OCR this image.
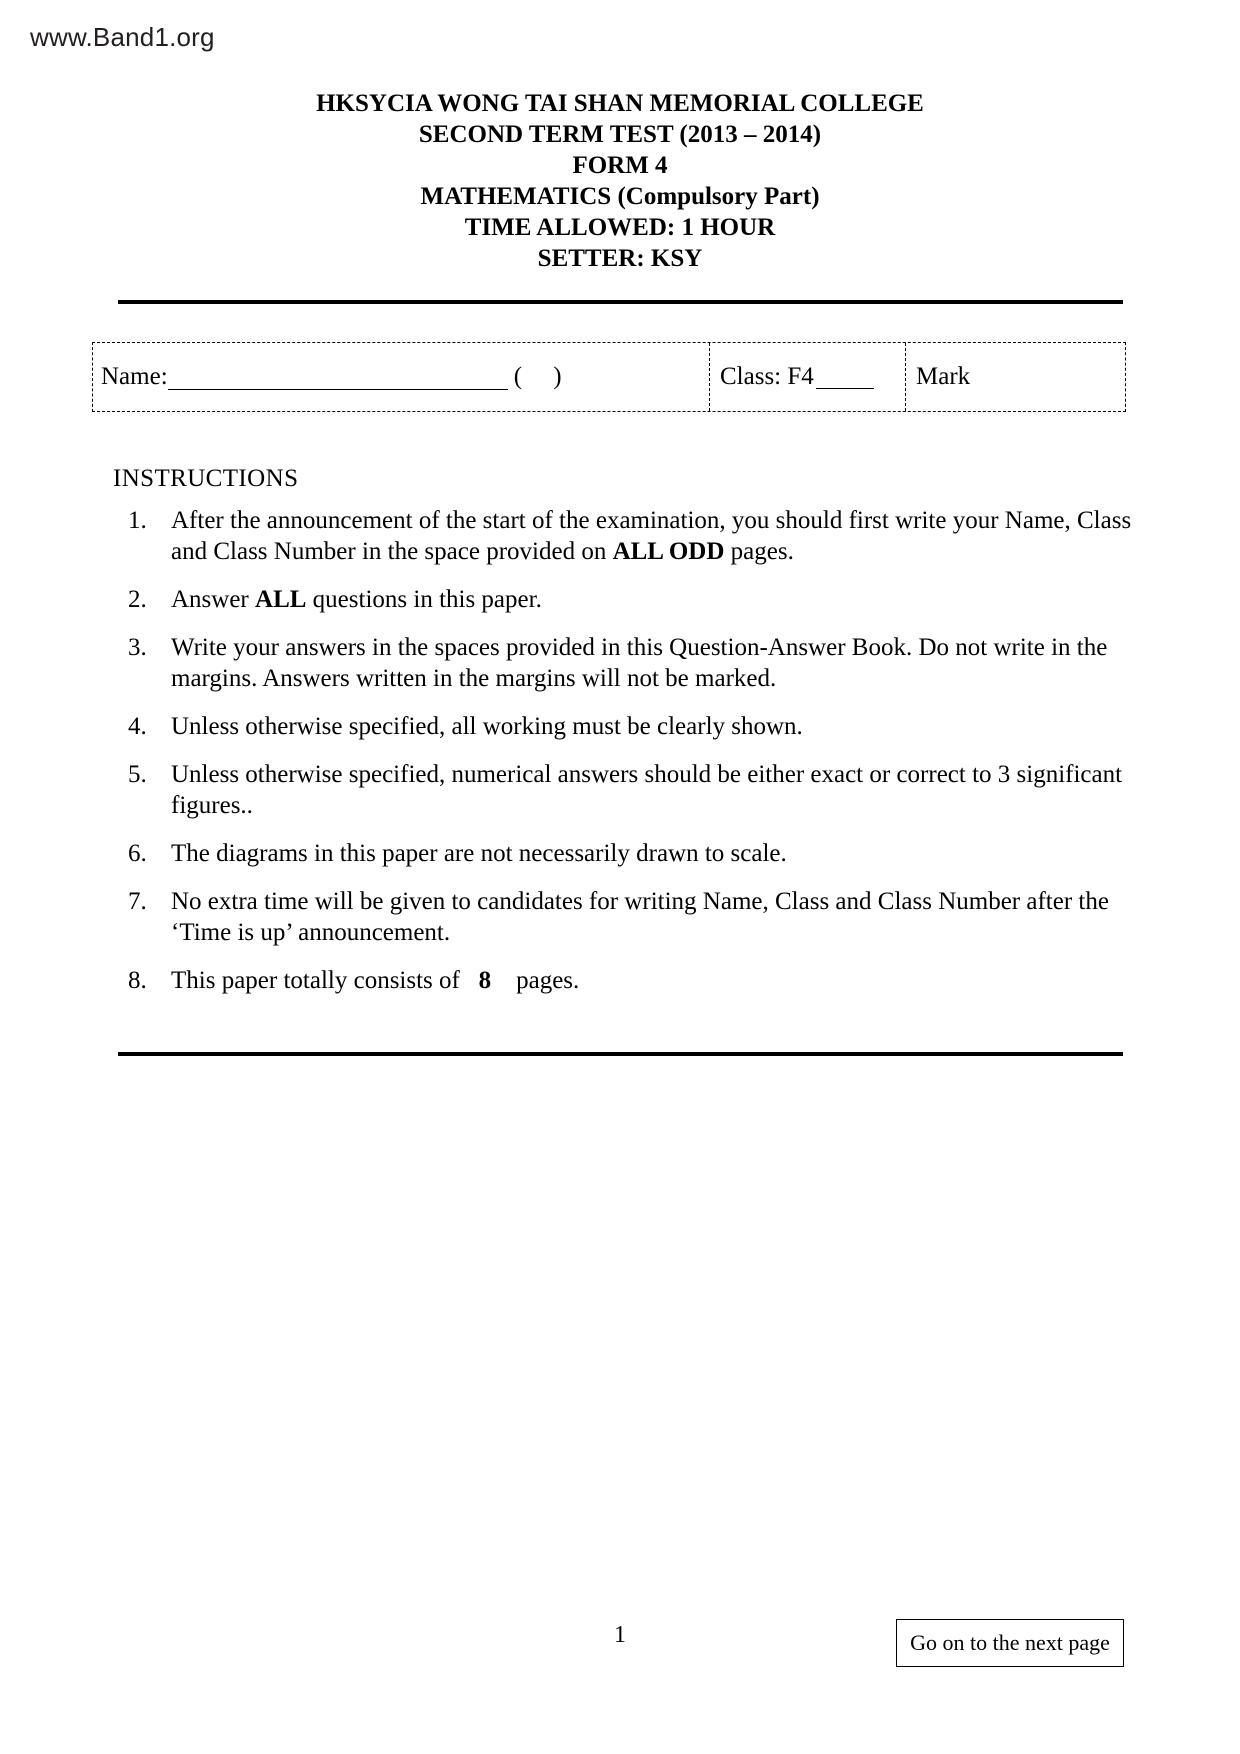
www.Band1.org
HKSYCIA WONG TAI SHAN MEMORIAL COLLEGE
SECOND TERM TEST (2013 – 2014)
FORM 4
MATHEMATICS (Compulsory Part)
TIME ALLOWED: 1 HOUR
SETTER: KSY
Name:	(     )	Class: F4	Mark
INSTRUCTIONS
1. After the announcement of the start of the examination, you should first write your Name, Class and Class Number in the space provided on ALL ODD pages.
2. Answer ALL questions in this paper.
3. Write your answers in the spaces provided in this Question-Answer Book. Do not write in the margins. Answers written in the margins will not be marked.
4. Unless otherwise specified, all working must be clearly shown.
5. Unless otherwise specified, numerical answers should be either exact or correct to 3 significant figures..
6. The diagrams in this paper are not necessarily drawn to scale.
7. No extra time will be given to candidates for writing Name, Class and Class Number after the ‘Time is up’ announcement.
8. This paper totally consists of   8    pages.
1	Go on to the next page
